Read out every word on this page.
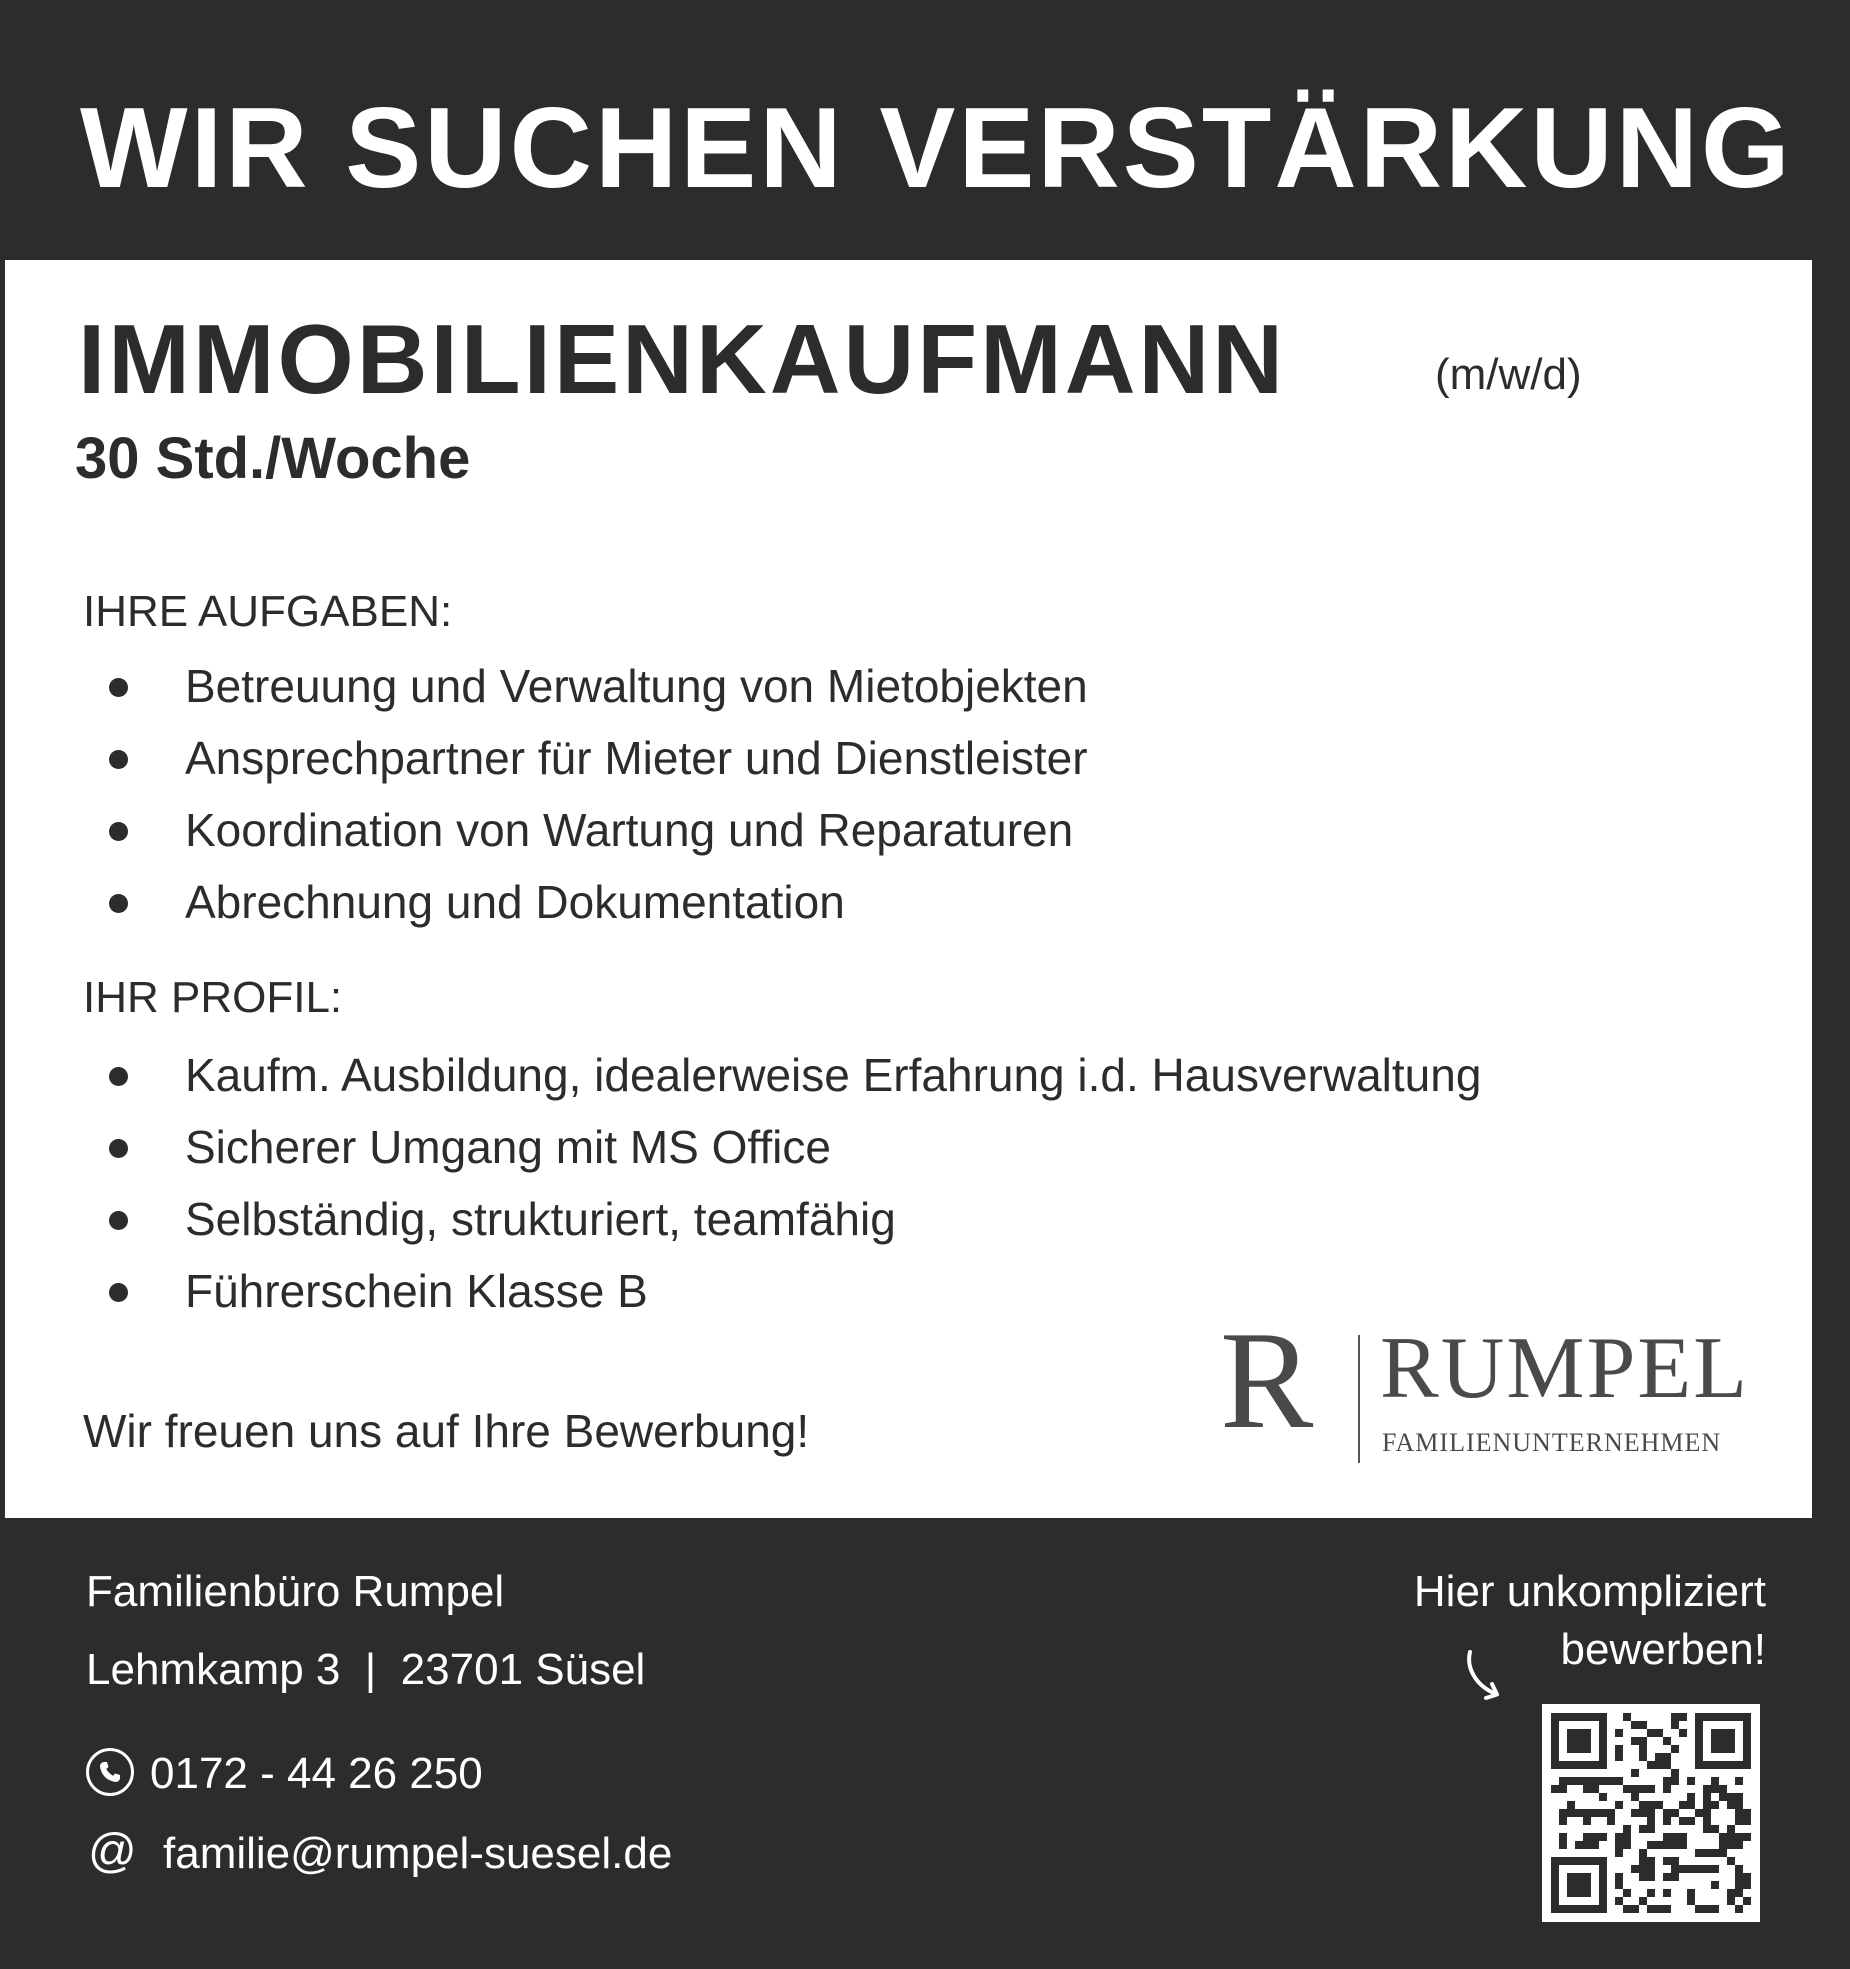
WIR SUCHEN VERSTÄRKUNG
IMMOBILIENKAUFMANN	(m/w/d)
30 Std./Woche
IHRE AUFGABEN:
Betreuung und Verwaltung von Mietobjekten
Ansprechpartner für Mieter und Dienstleister
Koordination von Wartung und Reparaturen
Abrechnung und Dokumentation
IHR PROFIL:
Kaufm. Ausbildung, idealerweise Erfahrung i.d. Hausverwaltung
Sicherer Umgang mit MS Office
Selbständig, strukturiert, teamfähig
Führerschein Klasse B
Wir freuen uns auf Ihre Bewerbung!	R RUMPEL
FAMILIENUNTERNEHMEN
Familienbüro Rumpel
Lehmkamp 3  |  23701 Süsel
0172 - 44 26 250
@ familie@rumpel-suesel.de
Hier unkompliziert
bewerben!
